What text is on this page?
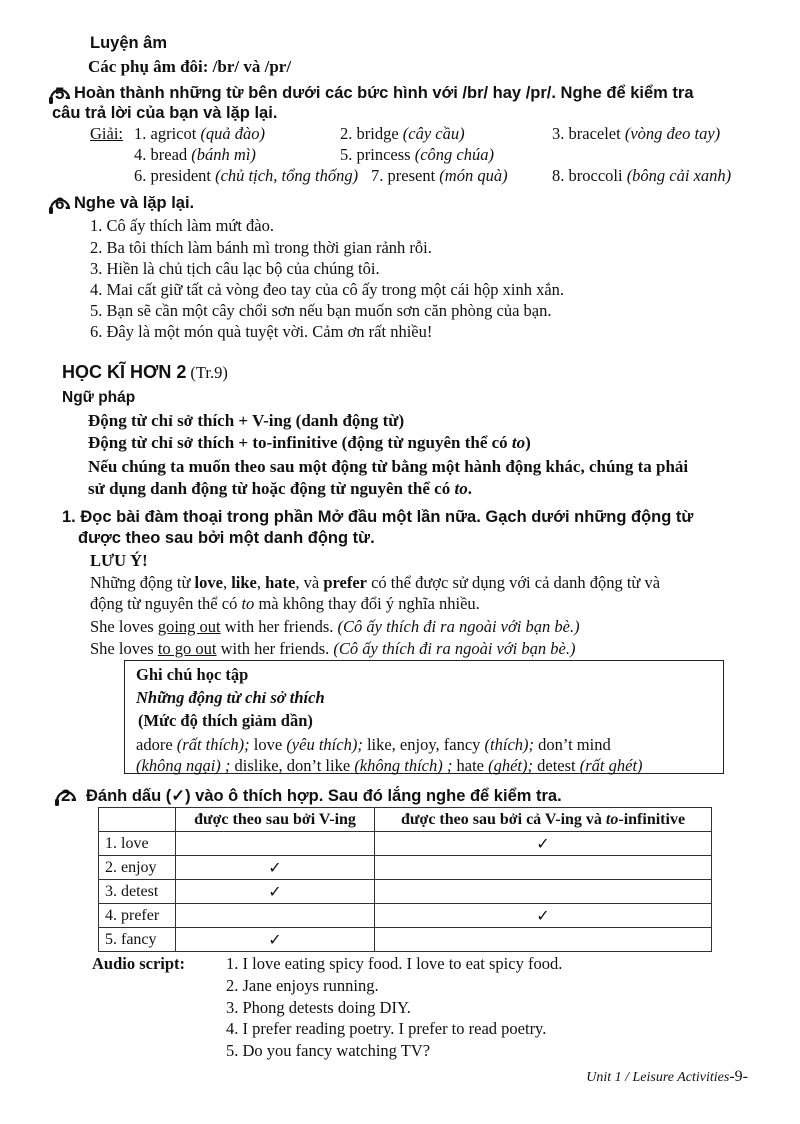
Luyện âm
Các phụ âm đôi: /br/ và /pr/
5. Hoàn thành những từ bên dưới các bức hình với /br/ hay /pr/. Nghe để kiểm tra
câu trả lời của bạn và lặp lại.
Giải: 1. agricot (quả đào)	2. bridge (cây cầu)	3. bracelet (vòng đeo tay)
4. bread (bánh mì)	5. princess (công chúa)
6. president (chủ tịch, tổng thống) 7. present (món quà)	8. broccoli (bông cải xanh)
6. Nghe và lặp lại.
1. Cô ấy thích làm mứt đào.
2. Ba tôi thích làm bánh mì trong thời gian rảnh rỗi.
3. Hiền là chủ tịch câu lạc bộ của chúng tôi.
4. Mai cất giữ tất cả vòng đeo tay của cô ấy trong một cái hộp xinh xắn.
5. Bạn sẽ cần một cây chổi sơn nếu bạn muốn sơn căn phòng của bạn.
6. Đây là một món quà tuyệt vời. Cảm ơn rất nhiều!
HỌC KĨ HƠN 2 (Tr.9)
Ngữ pháp
Động từ chỉ sở thích + V-ing (danh động từ)
Động từ chỉ sở thích + to-infinitive (động từ nguyên thể có to)
Nếu chúng ta muốn theo sau một động từ bằng một hành động khác, chúng ta phải
sử dụng danh động từ hoặc động từ nguyên thể có to.
1. Đọc bài đàm thoại trong phần Mở đầu một lần nữa. Gạch dưới những động từ
được theo sau bởi một danh động từ.
LƯU Ý!
Những động từ love, like, hate, và prefer có thể được sử dụng với cả danh động từ và
động từ nguyên thể có to mà không thay đổi ý nghĩa nhiều.
She loves going out with her friends. (Cô ấy thích đi ra ngoài với bạn bè.)
She loves to go out with her friends. (Cô ấy thích đi ra ngoài với bạn bè.)
Ghi chú học tập
Những động từ chỉ sở thích
(Mức độ thích giảm dần)
adore (rất thích); love (yêu thích); like, enjoy, fancy (thích); don’t mind
(không ngại) ; dislike, don’t like (không thích) ; hate (ghét); detest (rất ghét)
2. Đánh dấu (✓) vào ô thích hợp. Sau đó lắng nghe để kiểm tra.
	được theo sau bởi V-ing	được theo sau bởi cả V-ing và to-infinitive
1. love		✓
2. enjoy	✓	
3. detest	✓	
4. prefer		✓
5. fancy	✓	
Audio script: 1. I love eating spicy food. I love to eat spicy food.
2. Jane enjoys running.
3. Phong detests doing DIY.
4. I prefer reading poetry. I prefer to read poetry.
5. Do you fancy watching TV?
Unit 1 / Leisure Activities-9-
